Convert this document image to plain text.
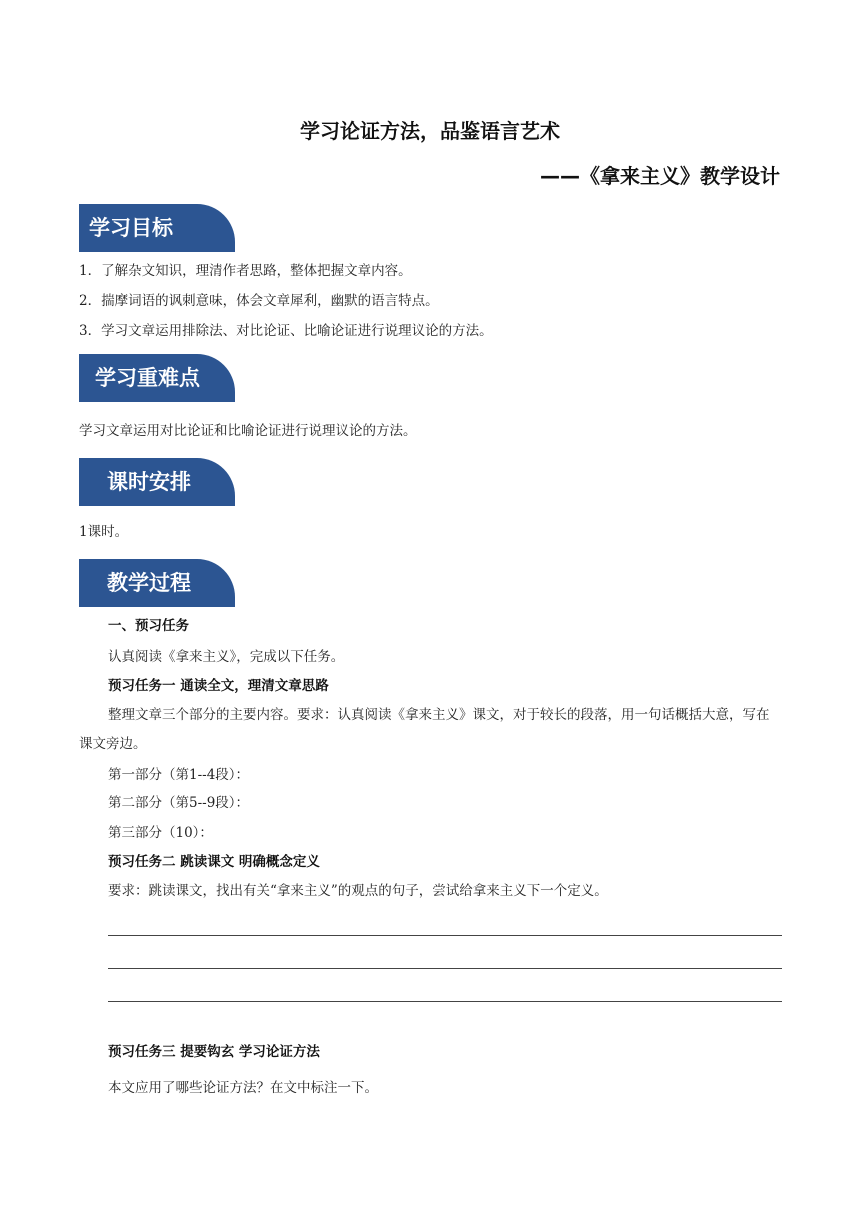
学习论证方法，品鉴语言艺术
——《拿来主义》教学设计
学习目标
1．了解杂文知识，理清作者思路，整体把握文章内容。
2．揣摩词语的讽刺意味，体会文章犀利，幽默的语言特点。
3．学习文章运用排除法、对比论证、比喻论证进行说理议论的方法。
学习重难点
学习文章运用对比论证和比喻论证进行说理议论的方法。
课时安排
1课时。
教学过程
一、预习任务
认真阅读《拿来主义》，完成以下任务。
预习任务一 通读全文，理清文章思路
整理文章三个部分的主要内容。要求：认真阅读《拿来主义》课文，对于较长的段落，用一句话概括大意，写在课文旁边。
第一部分（第1--4段）：
第二部分（第5--9段）：
第三部分（10）：
预习任务二 跳读课文 明确概念定义
要求：跳读课文，找出有关“拿来主义”的观点的句子，尝试给拿来主义下一个定义。
预习任务三 提要钩玄 学习论证方法
本文应用了哪些论证方法？在文中标注一下。
